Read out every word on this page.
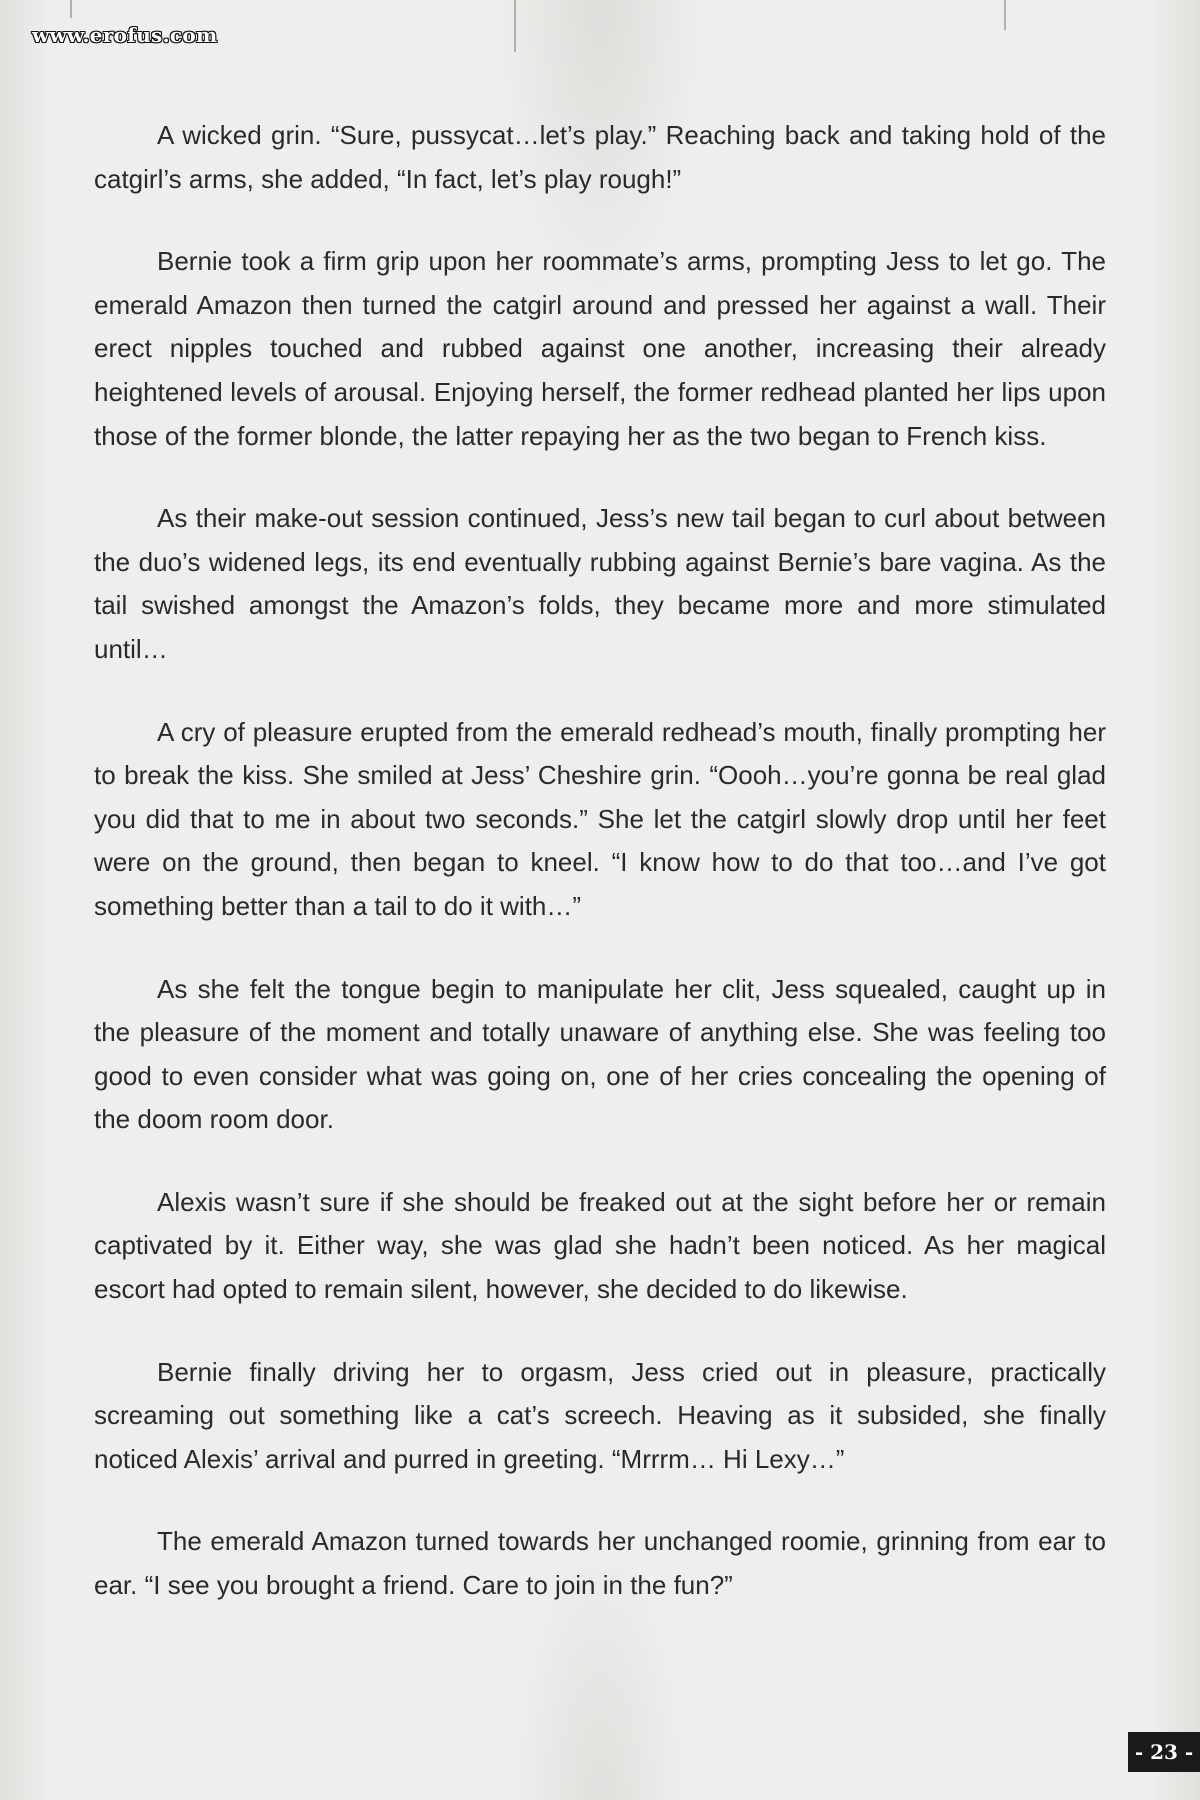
www.erofus.com

A wicked grin. “Sure, pussycat…let’s play.” Reaching back and taking hold of the catgirl’s arms, she added, “In fact, let’s play rough!”

Bernie took a firm grip upon her roommate’s arms, prompting Jess to let go. The emerald Amazon then turned the catgirl around and pressed her against a wall. Their erect nipples touched and rubbed against one another, increasing their already heightened levels of arousal. Enjoying herself, the former redhead planted her lips upon those of the former blonde, the latter repaying her as the two began to French kiss.

As their make-out session continued, Jess’s new tail began to curl about between the duo’s widened legs, its end eventually rubbing against Bernie’s bare vagina. As the tail swished amongst the Amazon’s folds, they became more and more stimulated until…

A cry of pleasure erupted from the emerald redhead’s mouth, finally prompting her to break the kiss. She smiled at Jess’ Cheshire grin. “Oooh…you’re gonna be real glad you did that to me in about two seconds.” She let the catgirl slowly drop until her feet were on the ground, then began to kneel. “I know how to do that too…and I’ve got something better than a tail to do it with…”

As she felt the tongue begin to manipulate her clit, Jess squealed, caught up in the pleasure of the moment and totally unaware of anything else. She was feeling too good to even consider what was going on, one of her cries concealing the opening of the doom room door.

Alexis wasn’t sure if she should be freaked out at the sight before her or remain captivated by it. Either way, she was glad she hadn’t been noticed. As her magical escort had opted to remain silent, however, she decided to do likewise.

Bernie finally driving her to orgasm, Jess cried out in pleasure, practically screaming out something like a cat’s screech. Heaving as it subsided, she finally noticed Alexis’ arrival and purred in greeting. “Mrrrm… Hi Lexy…”

The emerald Amazon turned towards her unchanged roomie, grinning from ear to ear. “I see you brought a friend. Care to join in the fun?”

- 23 -
